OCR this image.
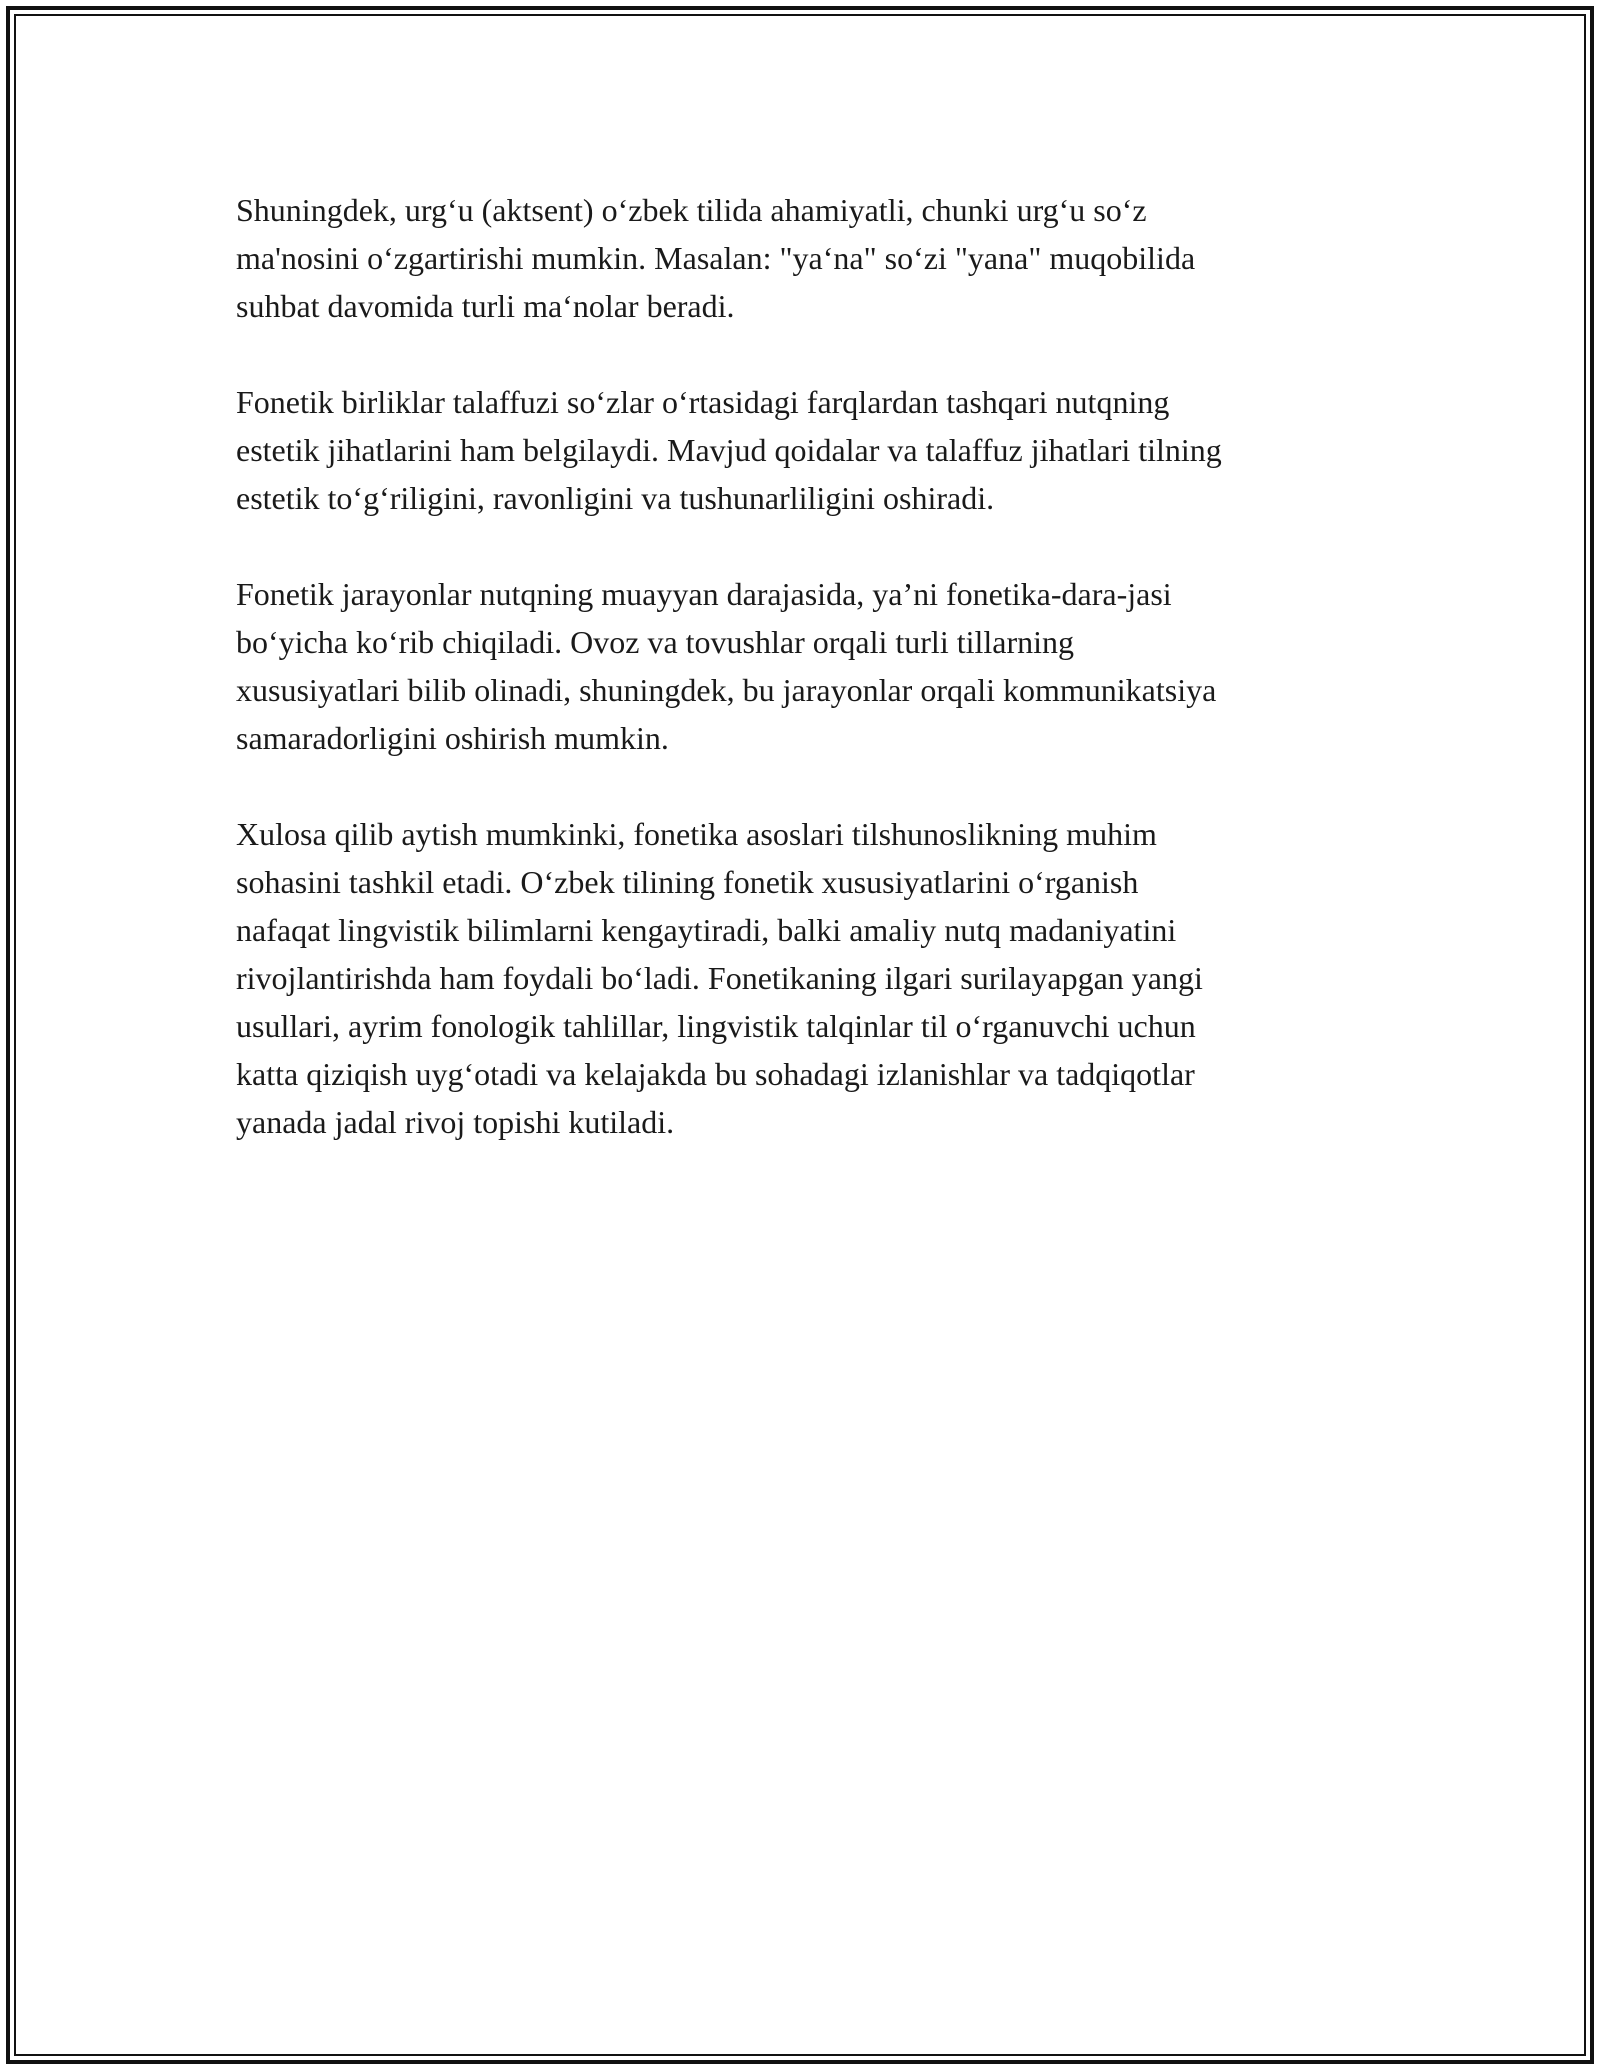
Shuningdek, urg‘u (aktsent) o‘zbek tilida ahamiyatli, chunki urg‘u so‘z
ma'nosini o‘zgartirishi mumkin. Masalan: "ya‘na" so‘zi "yana" muqobilida
suhbat davomida turli ma‘nolar beradi.

Fonetik birliklar talaffuzi so‘zlar o‘rtasidagi farqlardan tashqari nutqning
estetik jihatlarini ham belgilaydi. Mavjud qoidalar va talaffuz jihatlari tilning
estetik to‘g‘riligini, ravonligini va tushunarliligini oshiradi.

Fonetik jarayonlar nutqning muayyan darajasida, ya’ni fonetika-dara-jasi
bo‘yicha ko‘rib chiqiladi. Ovoz va tovushlar orqali turli tillarning
xususiyatlari bilib olinadi, shuningdek, bu jarayonlar orqali kommunikatsiya
samaradorligini oshirish mumkin.

Xulosa qilib aytish mumkinki, fonetika asoslari tilshunoslikning muhim
sohasini tashkil etadi. O‘zbek tilining fonetik xususiyatlarini o‘rganish
nafaqat lingvistik bilimlarni kengaytiradi, balki amaliy nutq madaniyatini
rivojlantirishda ham foydali bo‘ladi. Fonetikaning ilgari surilayapgan yangi
usullari, ayrim fonologik tahlillar, lingvistik talqinlar til o‘rganuvchi uchun
katta qiziqish uyg‘otadi va kelajakda bu sohadagi izlanishlar va tadqiqotlar
yanada jadal rivoj topishi kutiladi.
